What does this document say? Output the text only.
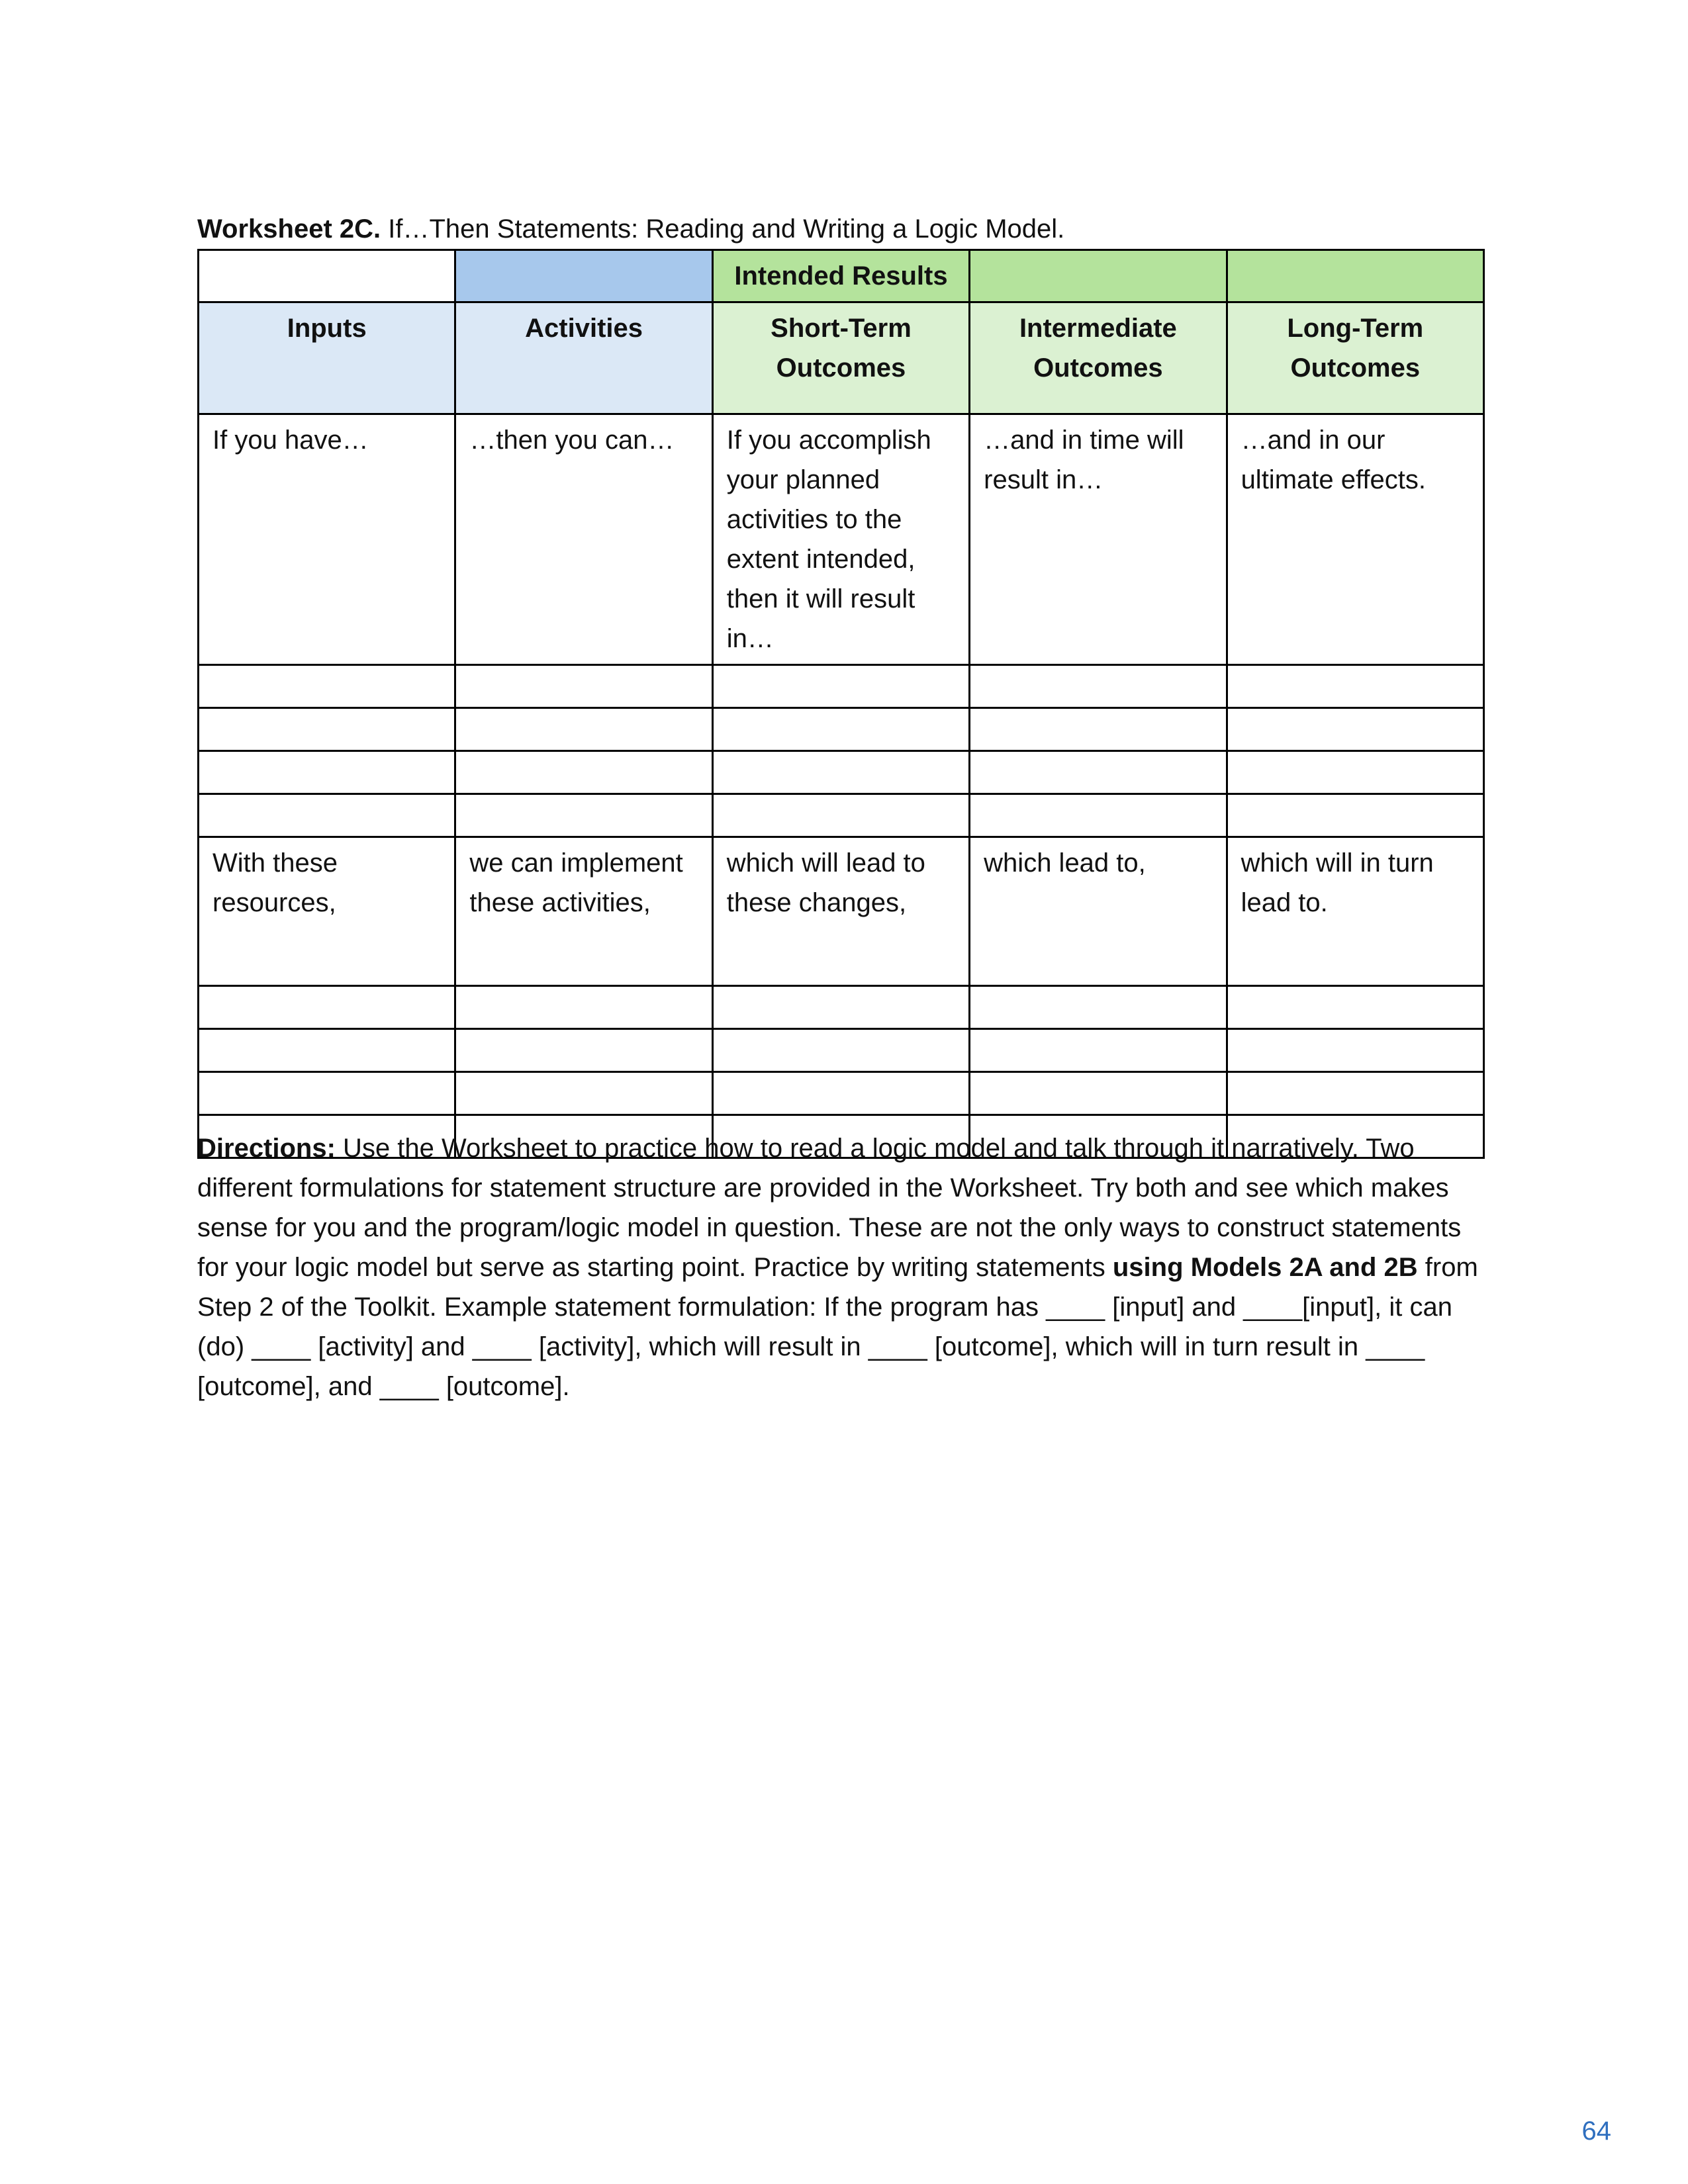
Worksheet 2C. If…Then Statements: Reading and Writing a Logic Model.
		Intended Results		
Inputs	Activities	Short-Term Outcomes	Intermediate Outcomes	Long-Term Outcomes
If you have…	…then you can…	If you accomplish your planned activities to the extent intended, then it will result in…	…and in time will result in…	…and in our ultimate effects.

With these resources,	we can implement these activities,	which will lead to these changes,	which lead to,	which will in turn lead to.

Directions: Use the Worksheet to practice how to read a logic model and talk through it narratively. Two different formulations for statement structure are provided in the Worksheet. Try both and see which makes sense for you and the program/logic model in question. These are not the only ways to construct statements for your logic model but serve as starting point. Practice by writing statements using Models 2A and 2B from Step 2 of the Toolkit. Example statement formulation: If the program has ____ [input] and ____[input], it can (do) ____ [activity] and ____ [activity], which will result in ____ [outcome], which will in turn result in ____ [outcome], and ____ [outcome].

64
